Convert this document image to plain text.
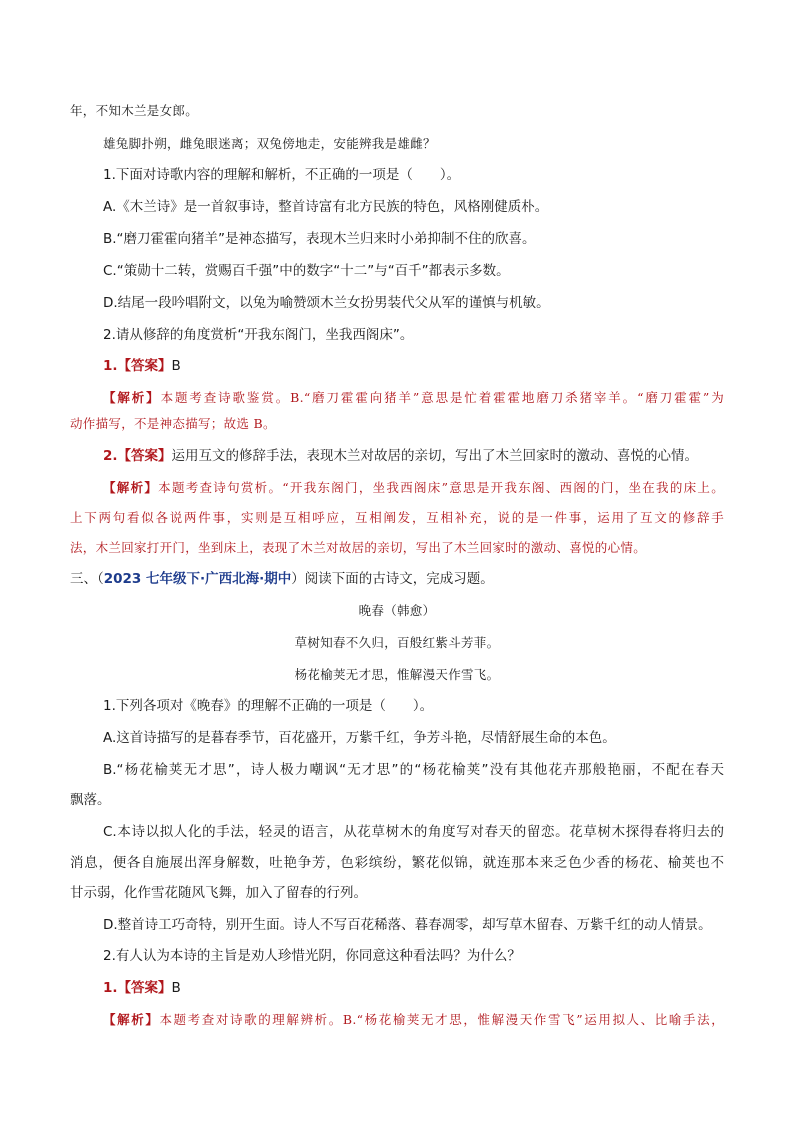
年，不知木兰是女郎。
雄兔脚扑朔，雌兔眼迷离；双兔傍地走，安能辨我是雄雌？
1.下面对诗歌内容的理解和解析，不正确的一项是（　　）。
A.《木兰诗》是一首叙事诗，整首诗富有北方民族的特色，风格刚健质朴。
B.“磨刀霍霍向猪羊”是神态描写，表现木兰归来时小弟抑制不住的欣喜。
C.“策勋十二转，赏赐百千强”中的数字“十二”与“百千”都表示多数。
D.结尾一段吟唱附文，以兔为喻赞颂木兰女扮男装代父从军的谨慎与机敏。
2.请从修辞的角度赏析“开我东阁门，坐我西阁床”。
1.【答案】B
【解析】本题考查诗歌鉴赏。B.“磨刀霍霍向猪羊”意思是忙着霍霍地磨刀杀猪宰羊。“磨刀霍霍”为
动作描写，不是神态描写；故选 B。
2.【答案】运用互文的修辞手法，表现木兰对故居的亲切，写出了木兰回家时的激动、喜悦的心情。
【解析】本题考查诗句赏析。“开我东阁门，坐我西阁床”意思是开我东阁、西阁的门，坐在我的床上。
上下两句看似各说两件事，实则是互相呼应，互相阐发，互相补充，说的是一件事，运用了互文的修辞手
法，木兰回家打开门，坐到床上，表现了木兰对故居的亲切，写出了木兰回家时的激动、喜悦的心情。
三、（2023 七年级下·广西北海·期中）阅读下面的古诗文，完成习题。
晚春（韩愈）
草树知春不久归，百般红紫斗芳菲。
杨花榆荚无才思，惟解漫天作雪飞。
1.下列各项对《晚春》的理解不正确的一项是（　　）。
A.这首诗描写的是暮春季节，百花盛开，万紫千红，争芳斗艳，尽情舒展生命的本色。
B.“杨花榆荚无才思”，诗人极力嘲讽“无才思”的“杨花榆荚”没有其他花卉那般艳丽，不配在春天
飘落。
C.本诗以拟人化的手法，轻灵的语言，从花草树木的角度写对春天的留恋。花草树木探得春将归去的
消息，便各自施展出浑身解数，吐艳争芳，色彩缤纷，繁花似锦，就连那本来乏色少香的杨花、榆荚也不
甘示弱，化作雪花随风飞舞，加入了留春的行列。
D.整首诗工巧奇特，别开生面。诗人不写百花稀落、暮春凋零，却写草木留春、万紫千红的动人情景。
2.有人认为本诗的主旨是劝人珍惜光阴，你同意这种看法吗？为什么？
1.【答案】B
【解析】本题考查对诗歌的理解辨析。B.“杨花榆荚无才思，惟解漫天作雪飞”运用拟人、比喻手法，
